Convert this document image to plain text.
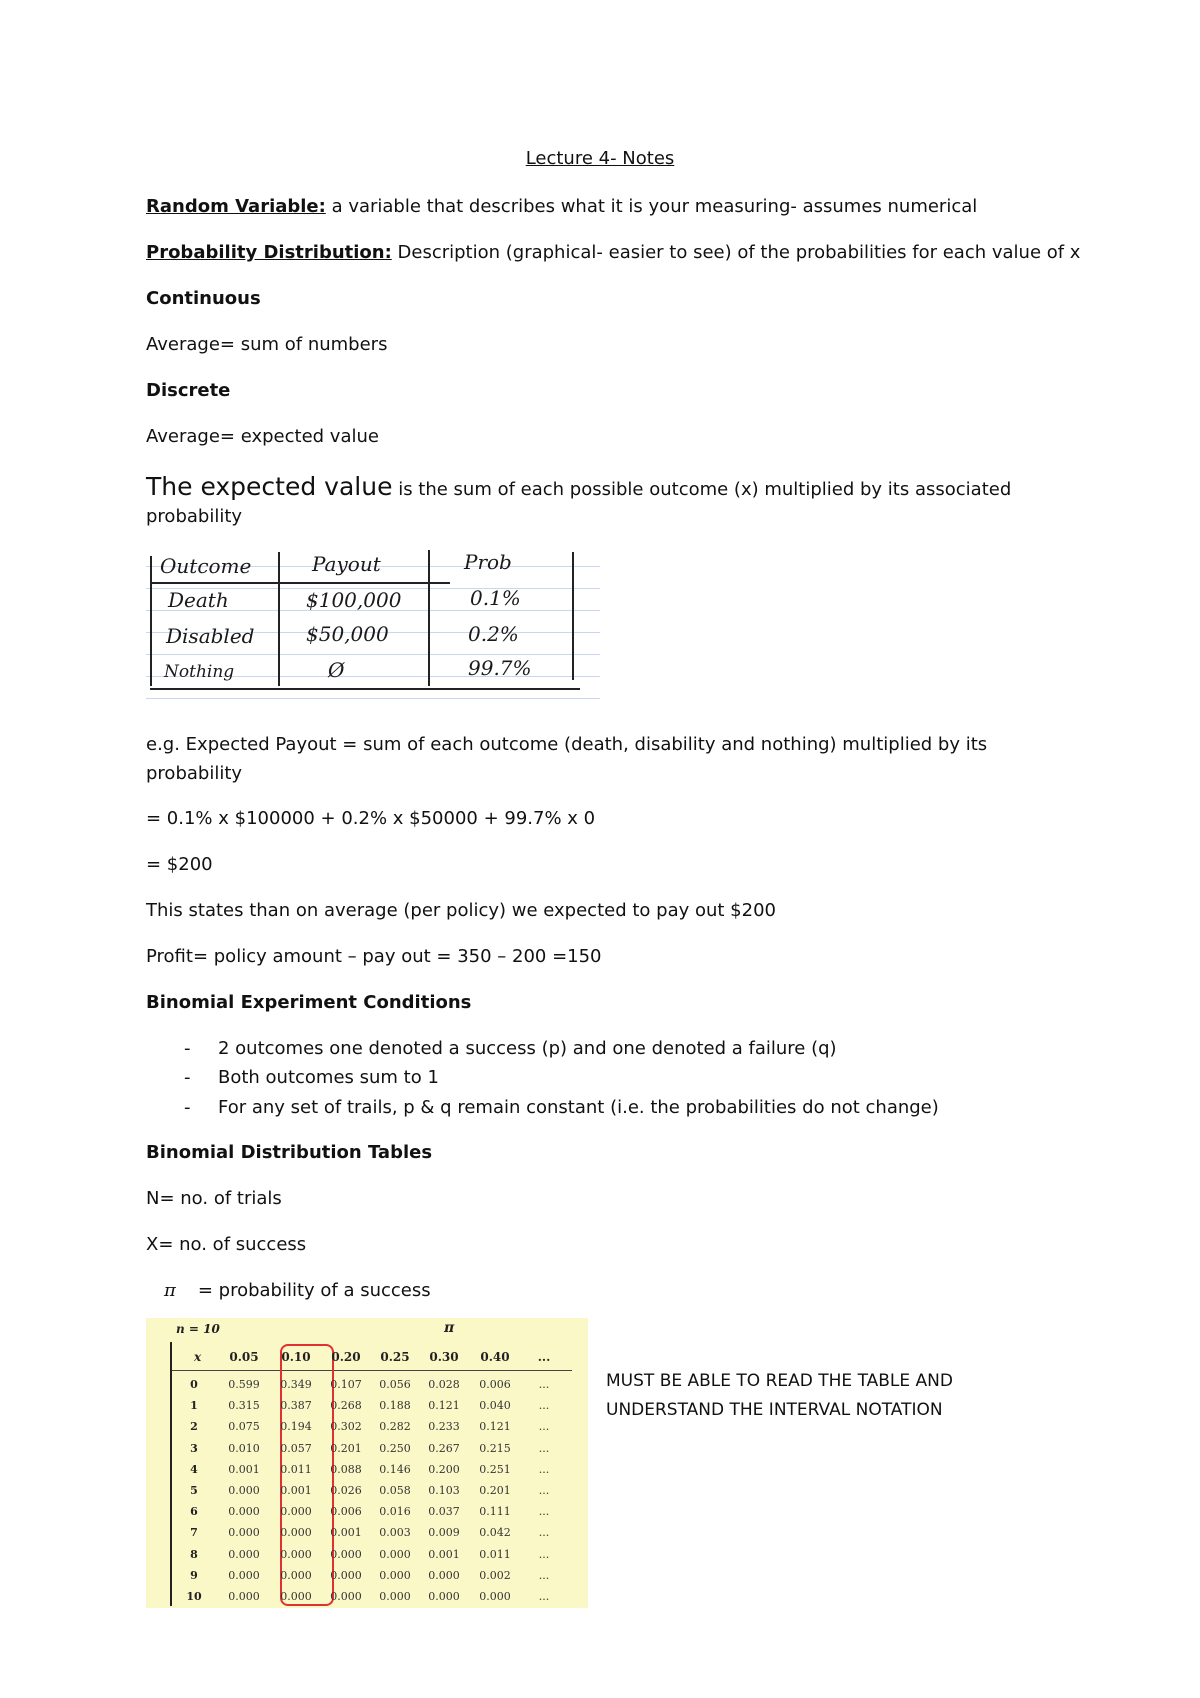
Lecture 4- Notes
Random Variable: a variable that describes what it is your measuring- assumes numerical
Probability Distribution: Description (graphical- easier to see) of the probabilities for each value of x
Continuous
Average= sum of numbers
Discrete
Average= expected value
The expected value is the sum of each possible outcome (x) multiplied by its associated
probability
Outcome	Payout	Prob
Death	$100,000	0.1%
Disabled	$50,000	0.2%
Nothing	Ø	99.7%
e.g. Expected Payout = sum of each outcome (death, disability and nothing) multiplied by its
probability
= 0.1% x $100000 + 0.2% x $50000 + 99.7% x 0
= $200
This states than on average (per policy) we expected to pay out $200
Profit= policy amount – pay out = 350 – 200 =150
Binomial Experiment Conditions
- 2 outcomes one denoted a success (p) and one denoted a failure (q)
- Both outcomes sum to 1
- For any set of trails, p & q remain constant (i.e. the probabilities do not change)
Binomial Distribution Tables
N= no. of trials
X= no. of success
π = probability of a success
n = 10	π
x	0.05	0.10	0.20	0.25	0.30	0.40	...
0	0.599	0.349	0.107	0.056	0.028	0.006	...
1	0.315	0.387	0.268	0.188	0.121	0.040	...
2	0.075	0.194	0.302	0.282	0.233	0.121	...
3	0.010	0.057	0.201	0.250	0.267	0.215	...
4	0.001	0.011	0.088	0.146	0.200	0.251	...
5	0.000	0.001	0.026	0.058	0.103	0.201	...
6	0.000	0.000	0.006	0.016	0.037	0.111	...
7	0.000	0.000	0.001	0.003	0.009	0.042	...
8	0.000	0.000	0.000	0.000	0.001	0.011	...
9	0.000	0.000	0.000	0.000	0.000	0.002	...
10	0.000	0.000	0.000	0.000	0.000	0.000	...
MUST BE ABLE TO READ THE TABLE AND
UNDERSTAND THE INTERVAL NOTATION
